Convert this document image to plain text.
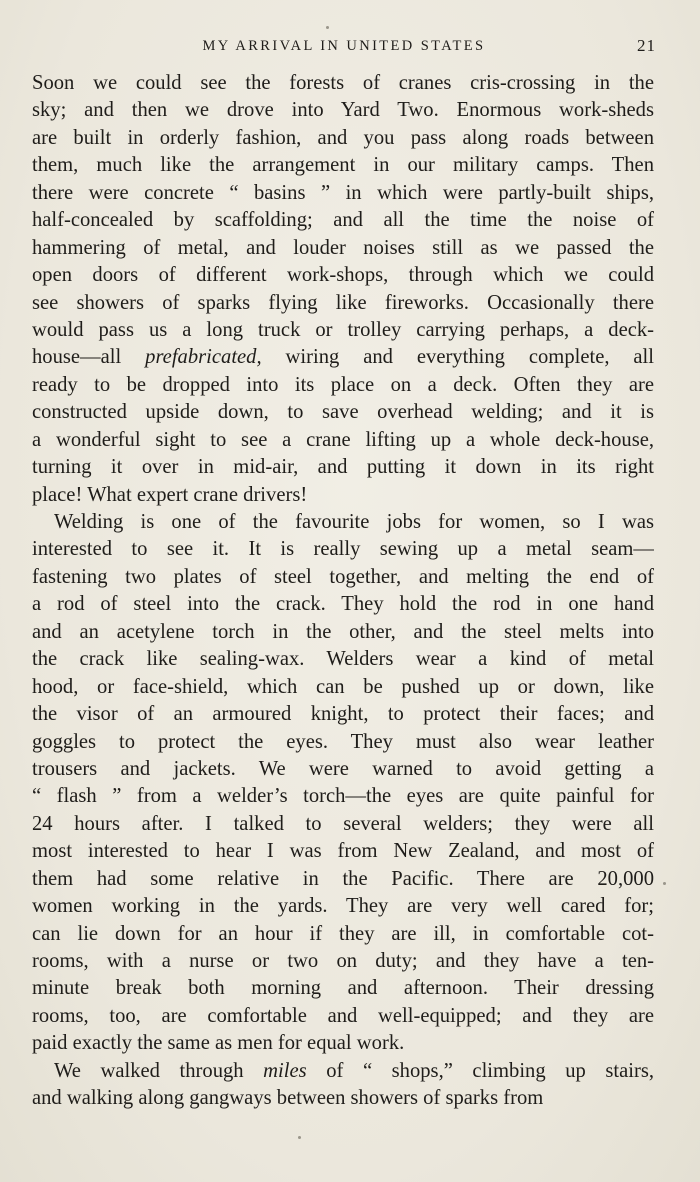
MY ARRIVAL IN UNITED STATES	21
Soon we could see the forests of cranes cris-crossing in the
sky; and then we drove into Yard Two. Enormous work-sheds
are built in orderly fashion, and you pass along roads between
them, much like the arrangement in our military camps. Then
there were concrete “ basins ” in which were partly-built ships,
half-concealed by scaffolding; and all the time the noise of
hammering of metal, and louder noises still as we passed the
open doors of different work-shops, through which we could
see showers of sparks flying like fireworks. Occasionally there
would pass us a long truck or trolley carrying perhaps, a deck-
house—all prefabricated, wiring and everything complete, all
ready to be dropped into its place on a deck. Often they are
constructed upside down, to save overhead welding; and it is
a wonderful sight to see a crane lifting up a whole deck-house,
turning it over in mid-air, and putting it down in its right
place! What expert crane drivers!
Welding is one of the favourite jobs for women, so I was
interested to see it. It is really sewing up a metal seam—
fastening two plates of steel together, and melting the end of
a rod of steel into the crack. They hold the rod in one hand
and an acetylene torch in the other, and the steel melts into
the crack like sealing-wax. Welders wear a kind of metal
hood, or face-shield, which can be pushed up or down, like
the visor of an armoured knight, to protect their faces; and
goggles to protect the eyes. They must also wear leather
trousers and jackets. We were warned to avoid getting a
“ flash ” from a welder’s torch—the eyes are quite painful for
24 hours after. I talked to several welders; they were all
most interested to hear I was from New Zealand, and most of
them had some relative in the Pacific. There are 20,000
women working in the yards. They are very well cared for;
can lie down for an hour if they are ill, in comfortable cot-
rooms, with a nurse or two on duty; and they have a ten-
minute break both morning and afternoon. Their dressing
rooms, too, are comfortable and well-equipped; and they are
paid exactly the same as men for equal work.
We walked through miles of “ shops,” climbing up stairs,
and walking along gangways between showers of sparks from
